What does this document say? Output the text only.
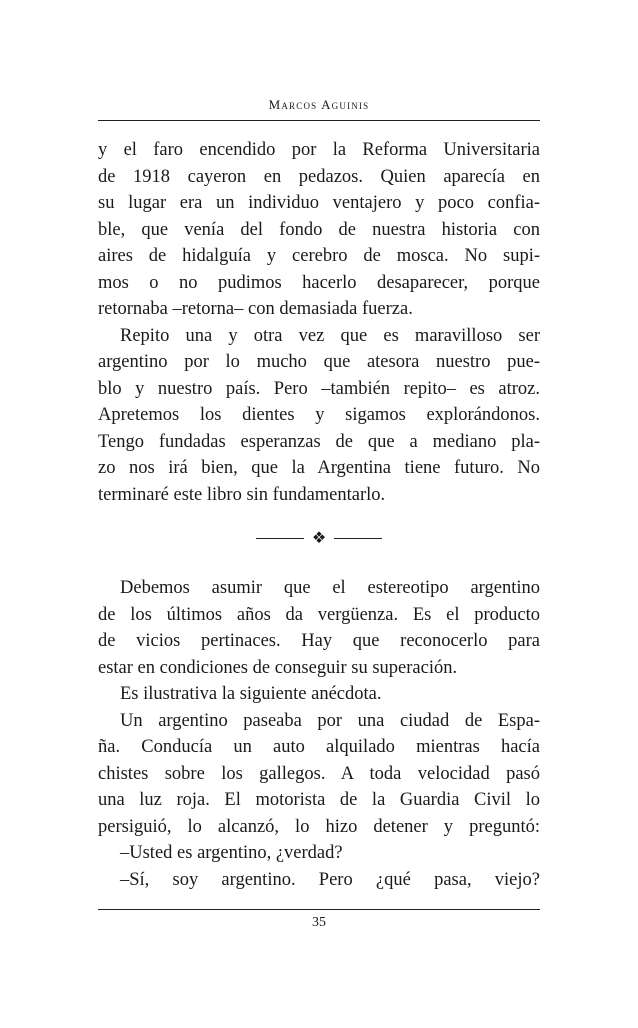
Marcos Aguinis
y el faro encendido por la Reforma Universitaria
de 1918 cayeron en pedazos. Quien aparecía en
su lugar era un individuo ventajero y poco confia-
ble, que venía del fondo de nuestra historia con
aires de hidalguía y cerebro de mosca. No supi-
mos o no pudimos hacerlo desaparecer, porque
retornaba –retorna– con demasiada fuerza.
Repito una y otra vez que es maravilloso ser
argentino por lo mucho que atesora nuestro pue-
blo y nuestro país. Pero –también repito– es atroz.
Apretemos los dientes y sigamos explorándonos.
Tengo fundadas esperanzas de que a mediano pla-
zo nos irá bien, que la Argentina tiene futuro. No
terminaré este libro sin fundamentarlo.
❖
Debemos asumir que el estereotipo argentino
de los últimos años da vergüenza. Es el producto
de vicios pertinaces. Hay que reconocerlo para
estar en condiciones de conseguir su superación.
Es ilustrativa la siguiente anécdota.
Un argentino paseaba por una ciudad de Espa-
ña. Conducía un auto alquilado mientras hacía
chistes sobre los gallegos. A toda velocidad pasó
una luz roja. El motorista de la Guardia Civil lo
persiguió, lo alcanzó, lo hizo detener y preguntó:
–Usted es argentino, ¿verdad?
–Sí, soy argentino. Pero ¿qué pasa, viejo?
35
